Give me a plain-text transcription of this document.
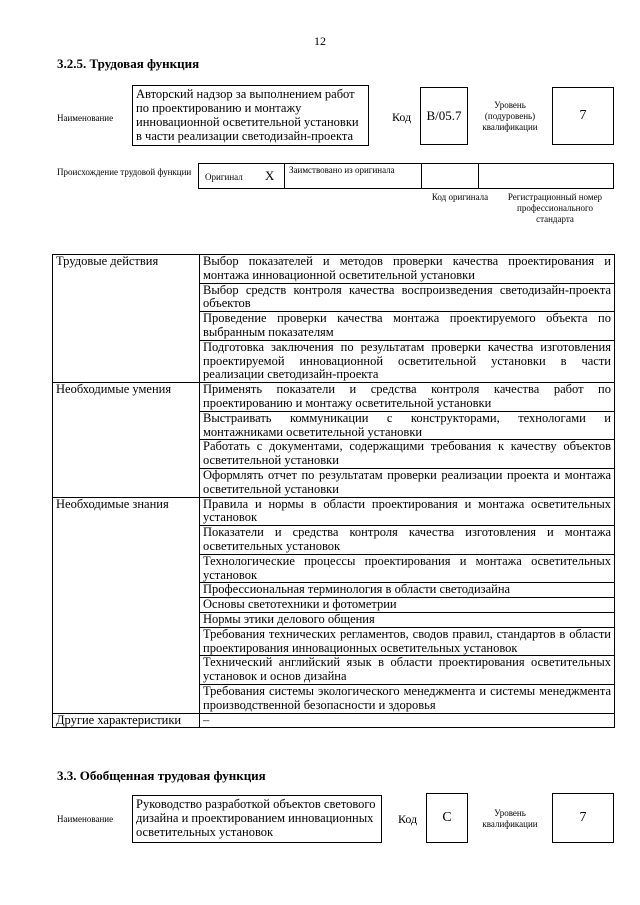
12
3.2.5. Трудовая функция
Наименование
Авторский надзор за выполнением работ по проектированию и монтажу инновационной осветительной установки в части реализации светодизайн-проекта
Код	B/05.7
Уровень (подуровень) квалификации
7
Происхождение трудовой функции	Оригинал X Заимствовано из оригинала
Код оригинала	Регистрационный номер профессионального стандарта
Трудовые действия	Выбор показателей и методов проверки качества проектирования и монтажа инновационной осветительной установки
	Выбор средств контроля качества воспроизведения светодизайн-проекта объектов
	Проведение проверки качества монтажа проектируемого объекта по выбранным показателям
	Подготовка заключения по результатам проверки качества изготовления проектируемой инновационной осветительной установки в части реализации светодизайн-проекта
Необходимые умения	Применять показатели и средства контроля качества работ по проектированию и монтажу осветительной установки
	Выстраивать коммуникации с конструкторами, технологами и монтажниками осветительной установки
	Работать с документами, содержащими требования к качеству объектов осветительной установки
	Оформлять отчет по результатам проверки реализации проекта и монтажа осветительной установки
Необходимые знания	Правила и нормы в области проектирования и монтажа осветительных установок
	Показатели и средства контроля качества изготовления и монтажа осветительных установок
	Технологические процессы проектирования и монтажа осветительных установок
	Профессиональная терминология в области светодизайна
	Основы светотехники и фотометрии
	Нормы этики делового общения
	Требования технических регламентов, сводов правил, стандартов в области проектирования инновационных осветительных установок
	Технический английский язык в области проектирования осветительных установок и основ дизайна
	Требования системы экологического менеджмента и системы менеджмента производственной безопасности и здоровья
Другие характеристики	–
3.3. Обобщенная трудовая функция
Наименование
Руководство разработкой объектов светового дизайна и проектированием инновационных осветительных установок
Код	C	Уровень квалификации	7
